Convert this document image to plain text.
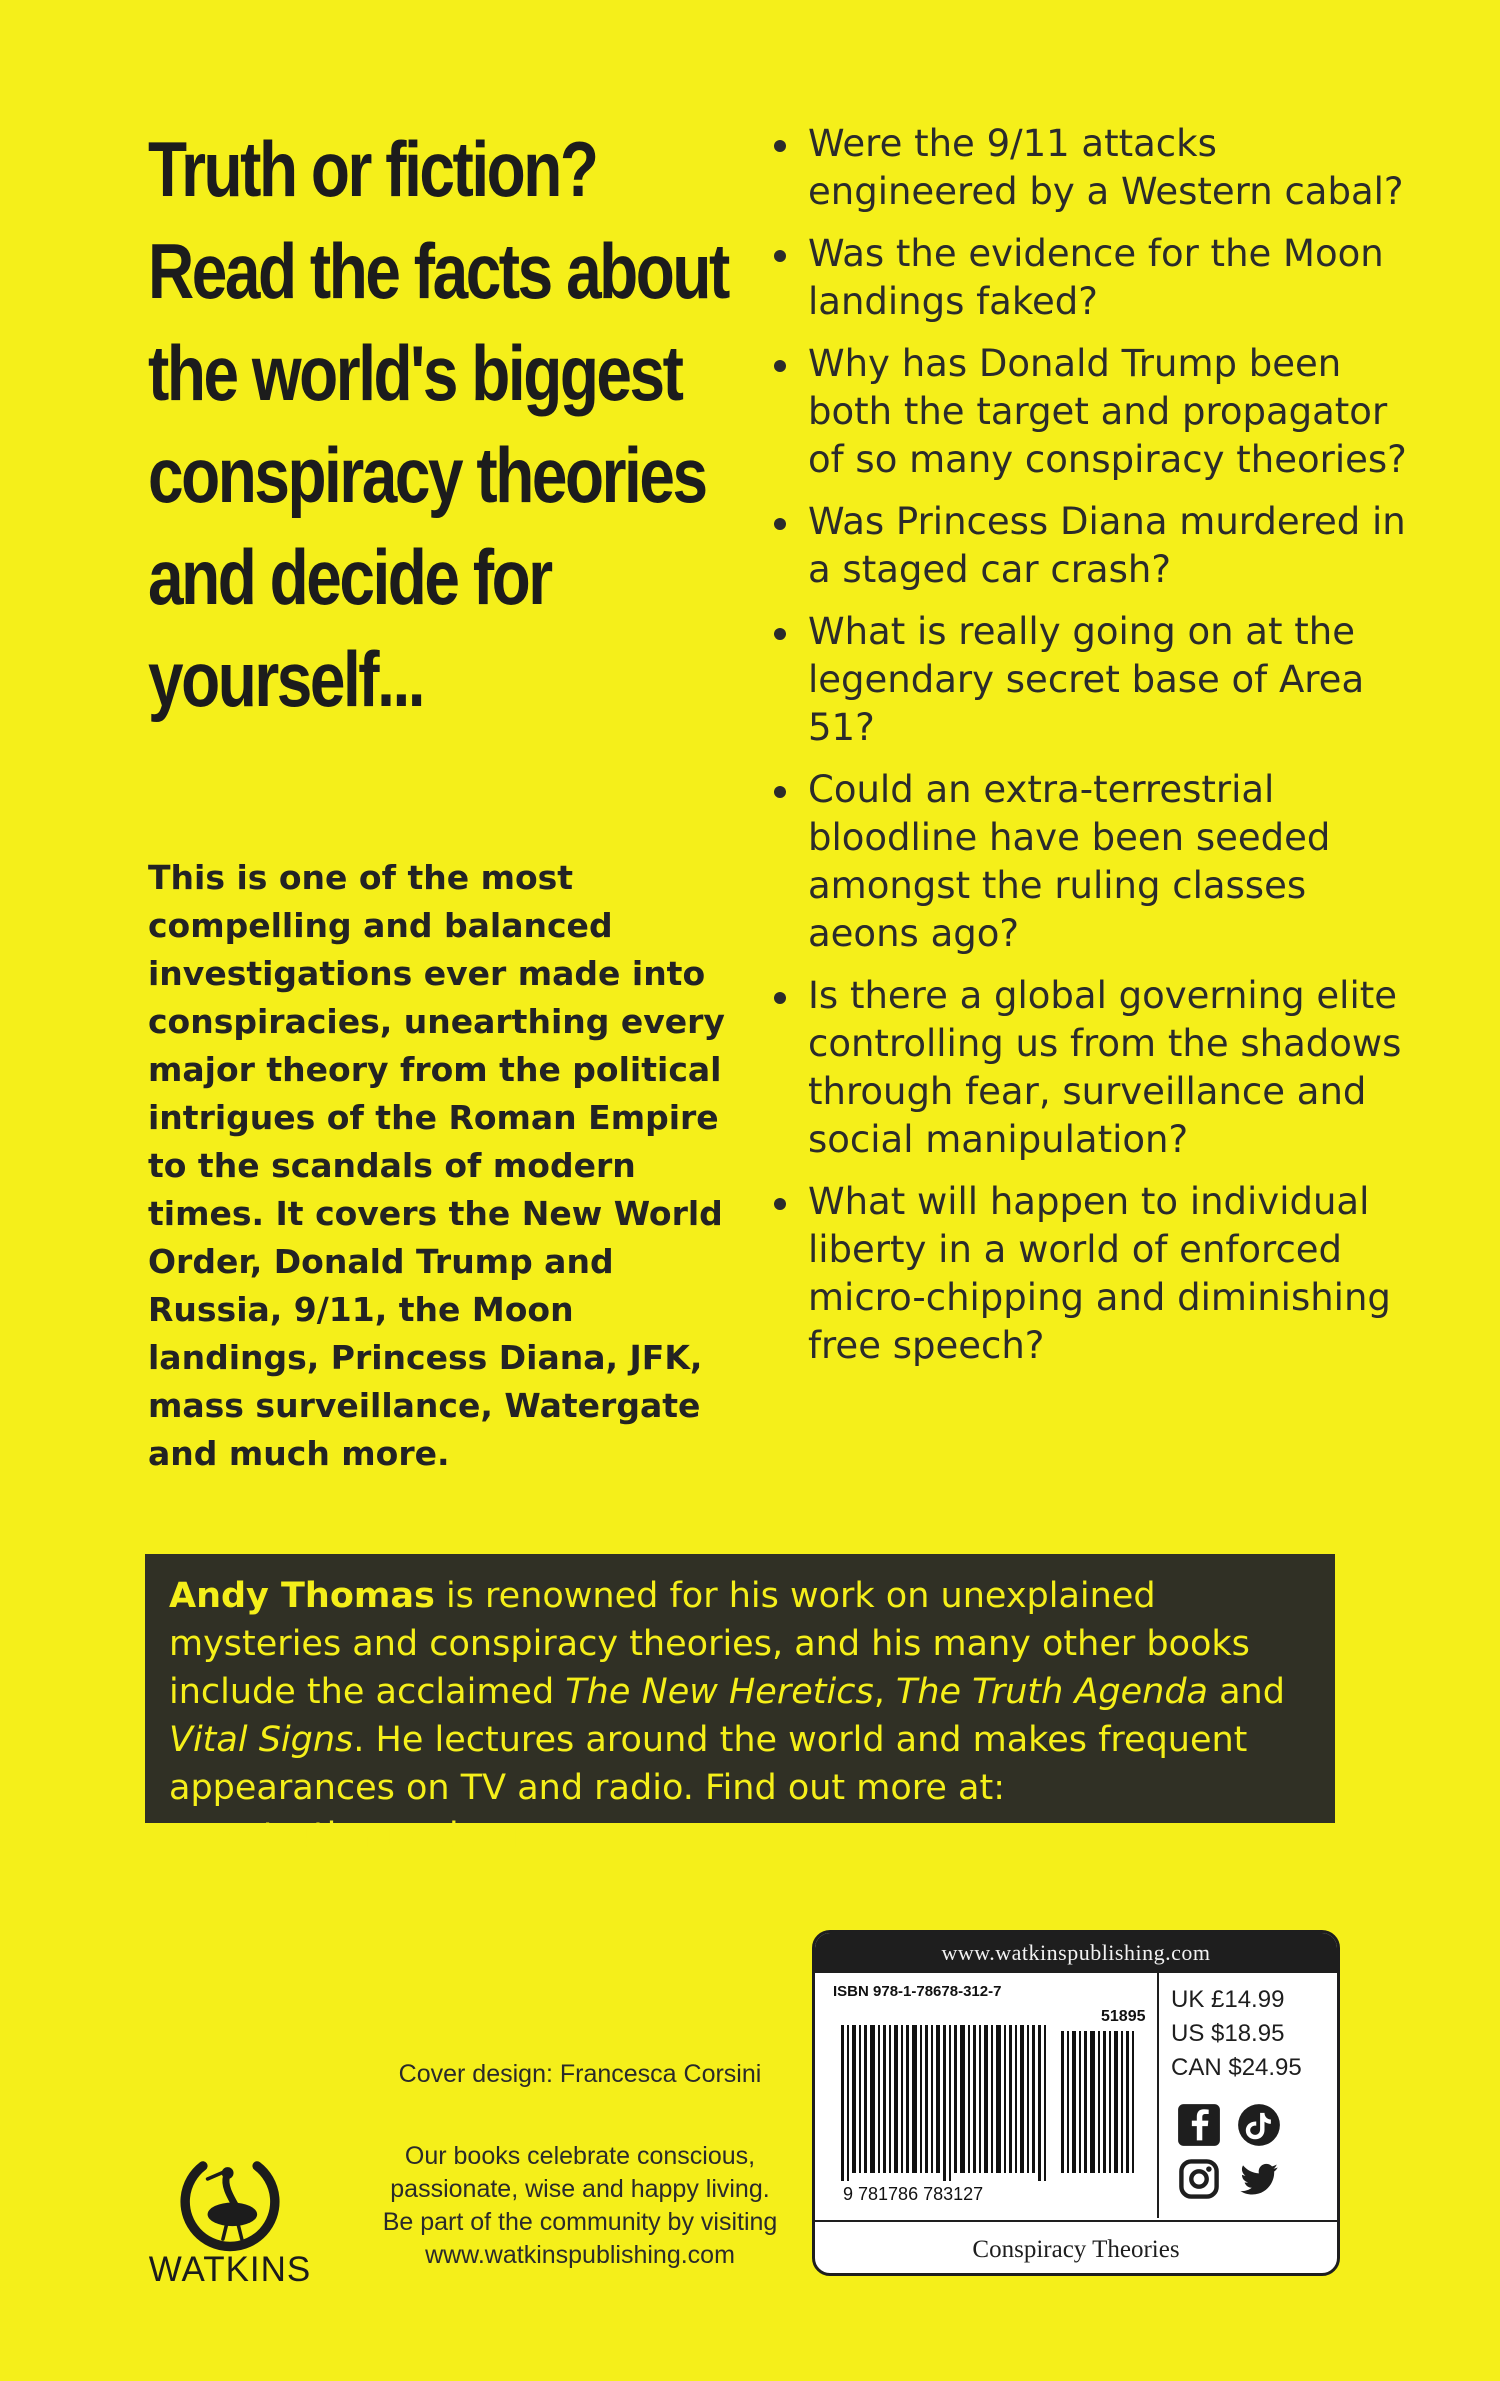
Truth or fiction?
Read the facts about
the world's biggest
conspiracy theories
and decide for
yourself...

This is one of the most compelling and balanced investigations ever made into conspiracies, unearthing every major theory from the political intrigues of the Roman Empire to the scandals of modern times. It covers the New World Order, Donald Trump and Russia, 9/11, the Moon landings, Princess Diana, JFK, mass surveillance, Watergate and much more.

Were the 9/11 attacks engineered by a Western cabal?
Was the evidence for the Moon landings faked?
Why has Donald Trump been both the target and propagator of so many conspiracy theories?
Was Princess Diana murdered in a staged car crash?
What is really going on at the legendary secret base of Area 51?
Could an extra-terrestrial bloodline have been seeded amongst the ruling classes aeons ago?
Is there a global governing elite controlling us from the shadows through fear, surveillance and social manipulation?
What will happen to individual liberty in a world of enforced micro-chipping and diminishing free speech?
Andy Thomas is renowned for his work on unexplained mysteries and conspiracy theories, and his many other books include the acclaimed The New Heretics, The Truth Agenda and Vital Signs. He lectures around the world and makes frequent appearances on TV and radio. Find out more at: www.truthagenda.org
Cover design: Francesca Corsini
Our books celebrate conscious,
passionate, wise and happy living.
Be part of the community by visiting
www.watkinspublishing.com
WATKINS
www.watkinspublishing.com
ISBN 978-1-78678-312-7
51895
9 781786 783127
UK £14.99
US $18.95
CAN $24.95
Conspiracy Theories
